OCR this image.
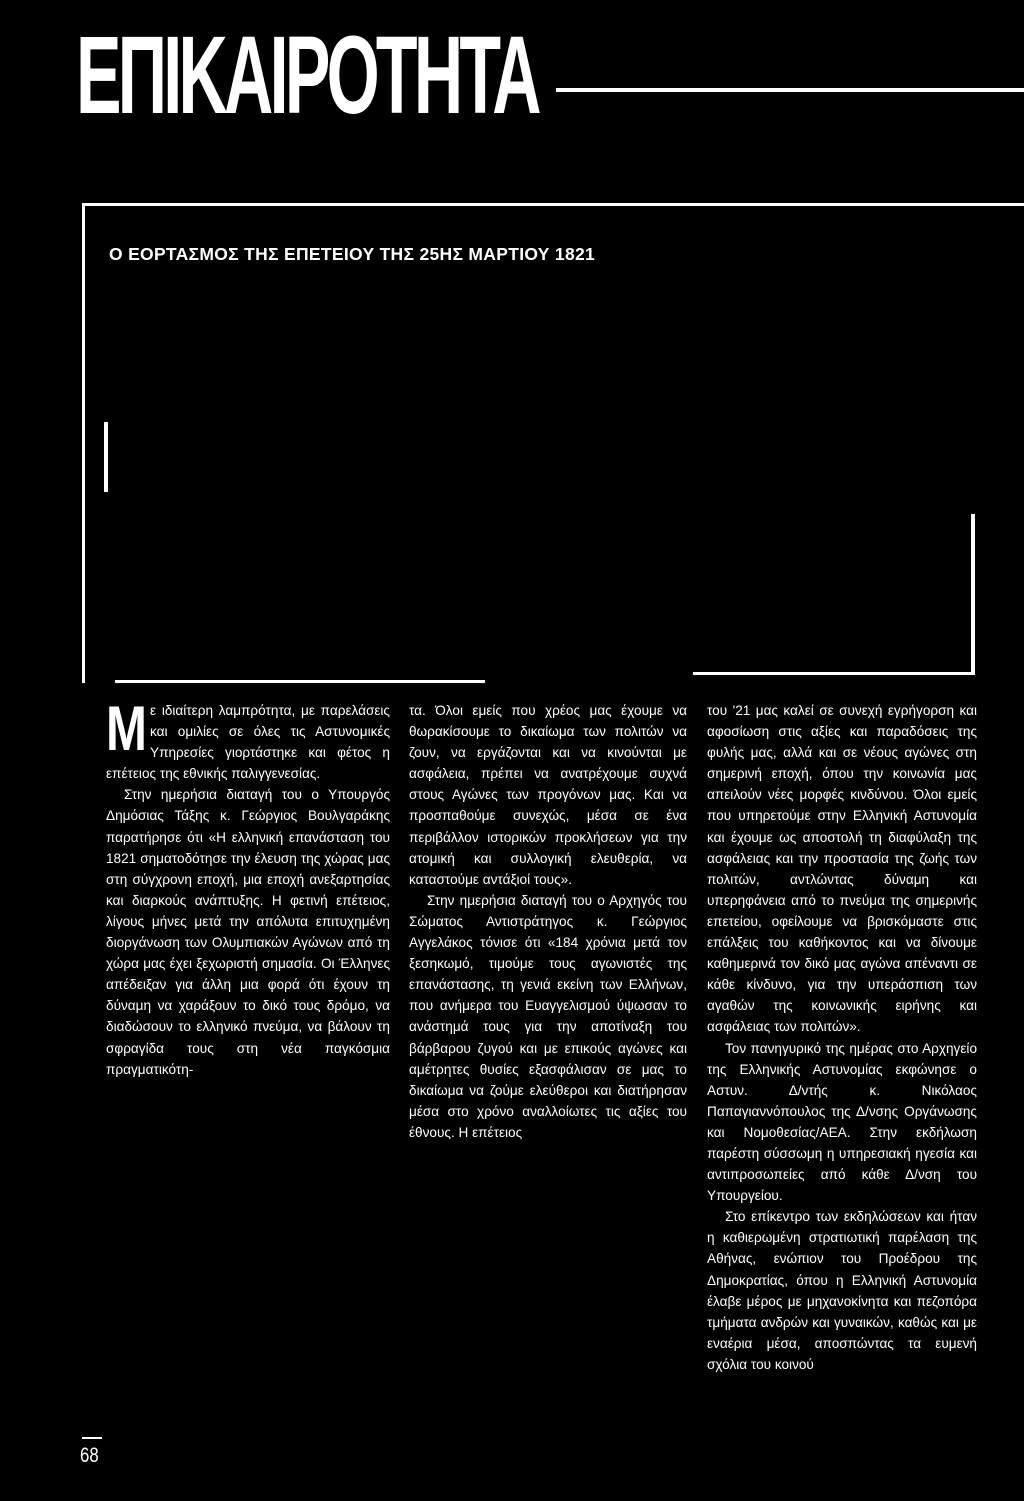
ΕΠΙΚΑΙΡΟΤΗΤΑ
Ο ΕΟΡΤΑΣΜΟΣ ΤΗΣ ΕΠΕΤΕΙΟΥ ΤΗΣ 25ΗΣ ΜΑΡΤΙΟΥ 1821

Με ιδιαίτερη λαμπρότητα, με παρελάσεις και ομιλίες σε όλες τις Αστυνομικές Υπηρεσίες γιορτάστηκε και φέτος η επέτειος της εθνικής παλιγγενεσίας.

Στην ημερήσια διαταγή του ο Υπουργός Δημόσιας Τάξης κ. Γεώργιος Βουλγαράκης παρατήρησε ότι «Η ελληνική επανάσταση του 1821 σηματοδότησε την έλευση της χώρας μας στη σύγχρονη εποχή, μια εποχή ανεξαρτησίας και διαρκούς ανάπτυξης. Η φετινή επέτειος, λίγους μήνες μετά την απόλυτα επιτυχημένη διοργάνωση των Ολυμπιακών Αγώνων από τη χώρα μας έχει ξεχωριστή σημασία. Οι Έλληνες απέδειξαν για άλλη μια φορά ότι έχουν τη δύναμη να χαράξουν το δικό τους δρόμο, να διαδώσουν το ελληνικό πνεύμα, να βάλουν τη σφραγίδα τους στη νέα παγκόσμια πραγματικότη-

τα. Όλοι εμείς που χρέος μας έχουμε να θωρακίσουμε το δικαίωμα των πολιτών να ζουν, να εργάζονται και να κινούνται με ασφάλεια, πρέπει να ανατρέχουμε συχνά στους Αγώνες των προγόνων μας. Και να προσπαθούμε συνεχώς, μέσα σε ένα περιβάλλον ιστορικών προκλήσεων για την ατομική και συλλογική ελευθερία, να καταστούμε αντάξιοί τους».

Στην ημερήσια διαταγή του ο Αρχηγός του Σώματος Αντιστράτηγος κ. Γεώργιος Αγγελάκος τόνισε ότι «184 χρόνια μετά τον ξεσηκωμό, τιμούμε τους αγωνιστές της επανάστασης, τη γενιά εκείνη των Ελλήνων, που ανήμερα του Ευαγγελισμού ύψωσαν το ανάστημά τους για την αποτίναξη του βάρβαρου ζυγού και με επικούς αγώνες και αμέτρητες θυσίες εξασφάλισαν σε μας το δικαίωμα να ζούμε ελεύθεροι και διατήρησαν μέσα στο χρόνο αναλλοίωτες τις αξίες του έθνους. Η επέτειος

του '21 μας καλεί σε συνεχή εγρήγορση και αφοσίωση στις αξίες και παραδόσεις της φυλής μας, αλλά και σε νέους αγώνες στη σημερινή εποχή, όπου την κοινωνία μας απειλούν νέες μορφές κινδύνου. Όλοι εμείς που υπηρετούμε στην Ελληνική Αστυνομία και έχουμε ως αποστολή τη διαφύλαξη της ασφάλειας και την προστασία της ζωής των πολιτών, αντλώντας δύναμη και υπερηφάνεια από το πνεύμα της σημερινής επετείου, οφείλουμε να βρισκόμαστε στις επάλξεις του καθήκοντος και να δίνουμε καθημερινά τον δικό μας αγώνα απέναντι σε κάθε κίνδυνο, για την υπεράσπιση των αγαθών της κοινωνικής ειρήνης και ασφάλειας των πολιτών».

Τον πανηγυρικό της ημέρας στο Αρχηγείο της Ελληνικής Αστυνομίας εκφώνησε ο Αστυν. Δ/ντής κ. Νικόλαος Παπαγιαννόπουλος της Δ/νσης Οργάνωσης και Νομοθεσίας/ΑΕΑ. Στην εκδήλωση παρέστη σύσσωμη η υπηρεσιακή ηγεσία και αντιπροσωπείες από κάθε Δ/νση του Υπουργείου.

Στο επίκεντρο των εκδηλώσεων και ήταν η καθιερωμένη στρατιωτική παρέλαση της Αθήνας, ενώπιον του Προέδρου της Δημοκρατίας, όπου η Ελληνική Αστυνομία έλαβε μέρος με μηχανοκίνητα και πεζοπόρα τμήματα ανδρών και γυναικών, καθώς και με εναέρια μέσα, αποσπώντας τα ευμενή σχόλια του κοινού

68
